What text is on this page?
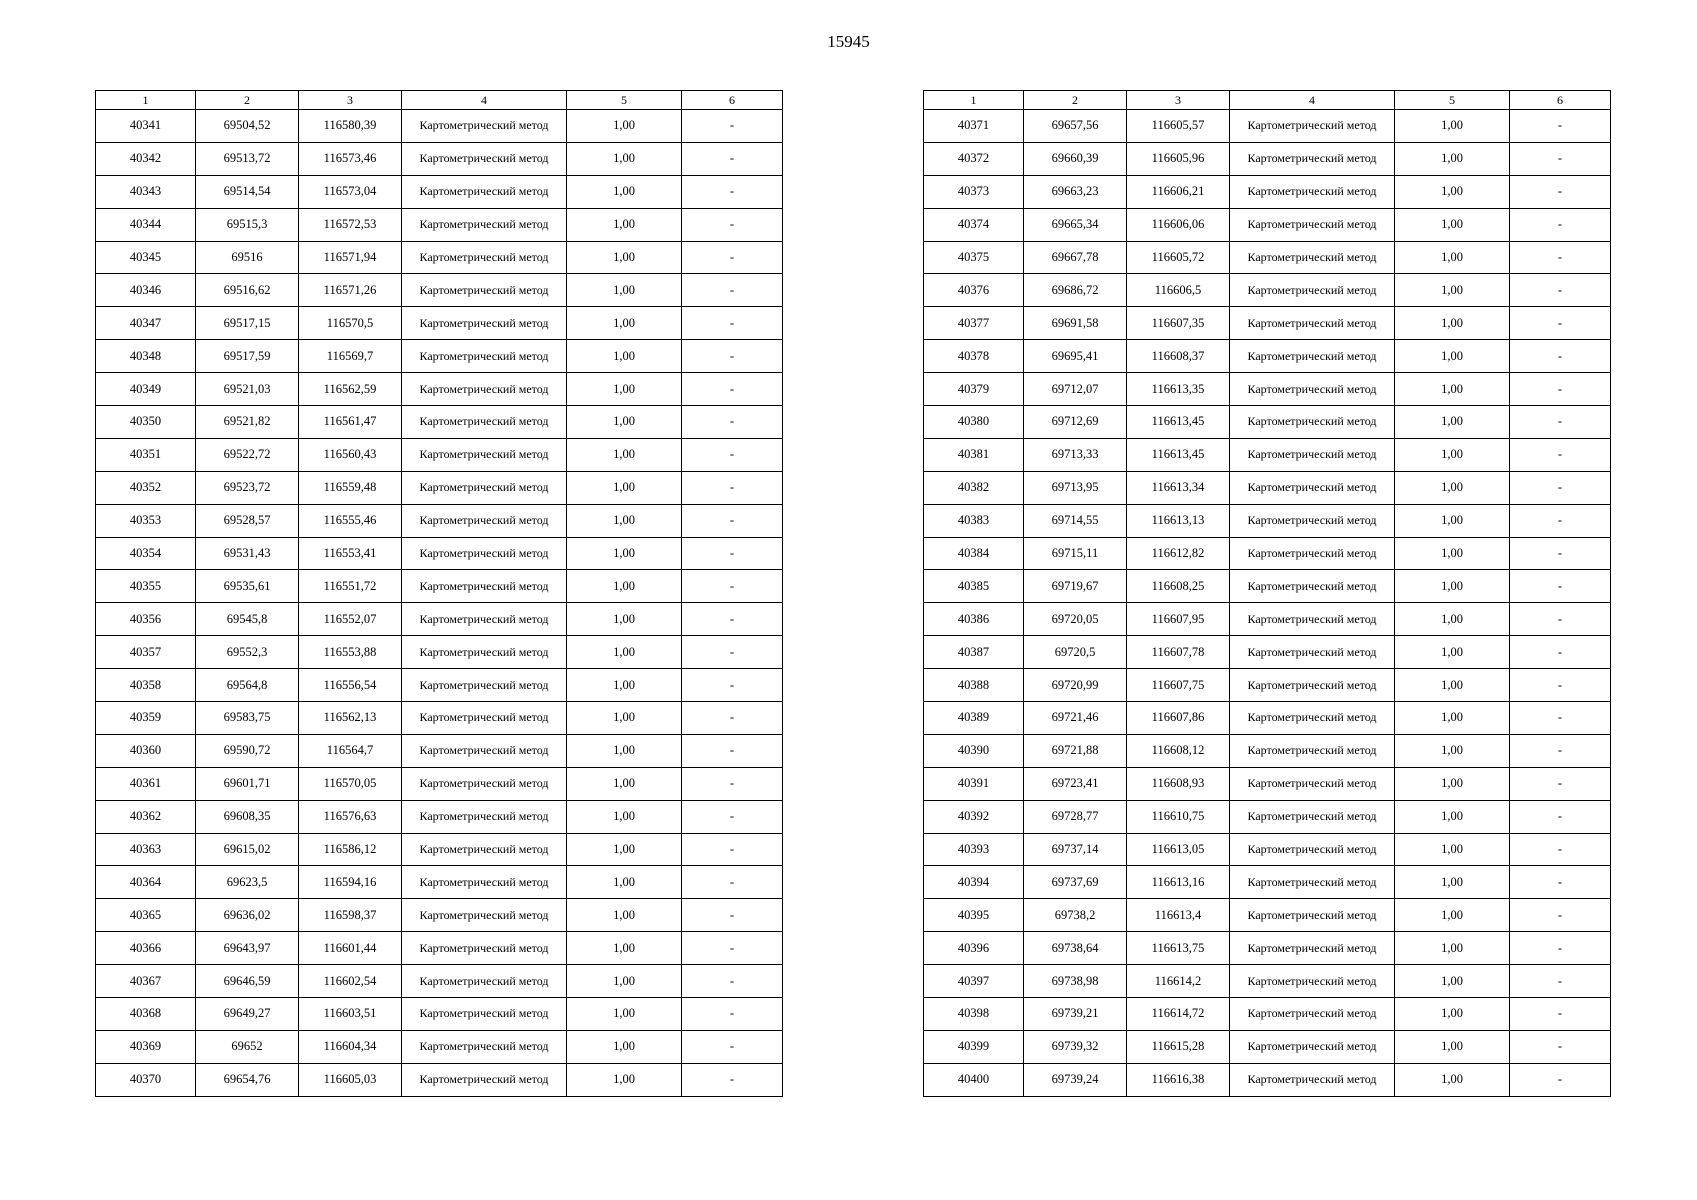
15945
1	2	3	4	5	6
40341	69504,52	116580,39	Картометрический метод	1,00	-
40342	69513,72	116573,46	Картометрический метод	1,00	-
40343	69514,54	116573,04	Картометрический метод	1,00	-
40344	69515,3	116572,53	Картометрический метод	1,00	-
40345	69516	116571,94	Картометрический метод	1,00	-
40346	69516,62	116571,26	Картометрический метод	1,00	-
40347	69517,15	116570,5	Картометрический метод	1,00	-
40348	69517,59	116569,7	Картометрический метод	1,00	-
40349	69521,03	116562,59	Картометрический метод	1,00	-
40350	69521,82	116561,47	Картометрический метод	1,00	-
40351	69522,72	116560,43	Картометрический метод	1,00	-
40352	69523,72	116559,48	Картометрический метод	1,00	-
40353	69528,57	116555,46	Картометрический метод	1,00	-
40354	69531,43	116553,41	Картометрический метод	1,00	-
40355	69535,61	116551,72	Картометрический метод	1,00	-
40356	69545,8	116552,07	Картометрический метод	1,00	-
40357	69552,3	116553,88	Картометрический метод	1,00	-
40358	69564,8	116556,54	Картометрический метод	1,00	-
40359	69583,75	116562,13	Картометрический метод	1,00	-
40360	69590,72	116564,7	Картометрический метод	1,00	-
40361	69601,71	116570,05	Картометрический метод	1,00	-
40362	69608,35	116576,63	Картометрический метод	1,00	-
40363	69615,02	116586,12	Картометрический метод	1,00	-
40364	69623,5	116594,16	Картометрический метод	1,00	-
40365	69636,02	116598,37	Картометрический метод	1,00	-
40366	69643,97	116601,44	Картометрический метод	1,00	-
40367	69646,59	116602,54	Картометрический метод	1,00	-
40368	69649,27	116603,51	Картометрический метод	1,00	-
40369	69652	116604,34	Картометрический метод	1,00	-
40370	69654,76	116605,03	Картометрический метод	1,00	-
1	2	3	4	5	6
40371	69657,56	116605,57	Картометрический метод	1,00	-
40372	69660,39	116605,96	Картометрический метод	1,00	-
40373	69663,23	116606,21	Картометрический метод	1,00	-
40374	69665,34	116606,06	Картометрический метод	1,00	-
40375	69667,78	116605,72	Картометрический метод	1,00	-
40376	69686,72	116606,5	Картометрический метод	1,00	-
40377	69691,58	116607,35	Картометрический метод	1,00	-
40378	69695,41	116608,37	Картометрический метод	1,00	-
40379	69712,07	116613,35	Картометрический метод	1,00	-
40380	69712,69	116613,45	Картометрический метод	1,00	-
40381	69713,33	116613,45	Картометрический метод	1,00	-
40382	69713,95	116613,34	Картометрический метод	1,00	-
40383	69714,55	116613,13	Картометрический метод	1,00	-
40384	69715,11	116612,82	Картометрический метод	1,00	-
40385	69719,67	116608,25	Картометрический метод	1,00	-
40386	69720,05	116607,95	Картометрический метод	1,00	-
40387	69720,5	116607,78	Картометрический метод	1,00	-
40388	69720,99	116607,75	Картометрический метод	1,00	-
40389	69721,46	116607,86	Картометрический метод	1,00	-
40390	69721,88	116608,12	Картометрический метод	1,00	-
40391	69723,41	116608,93	Картометрический метод	1,00	-
40392	69728,77	116610,75	Картометрический метод	1,00	-
40393	69737,14	116613,05	Картометрический метод	1,00	-
40394	69737,69	116613,16	Картометрический метод	1,00	-
40395	69738,2	116613,4	Картометрический метод	1,00	-
40396	69738,64	116613,75	Картометрический метод	1,00	-
40397	69738,98	116614,2	Картометрический метод	1,00	-
40398	69739,21	116614,72	Картометрический метод	1,00	-
40399	69739,32	116615,28	Картометрический метод	1,00	-
40400	69739,24	116616,38	Картометрический метод	1,00	-
